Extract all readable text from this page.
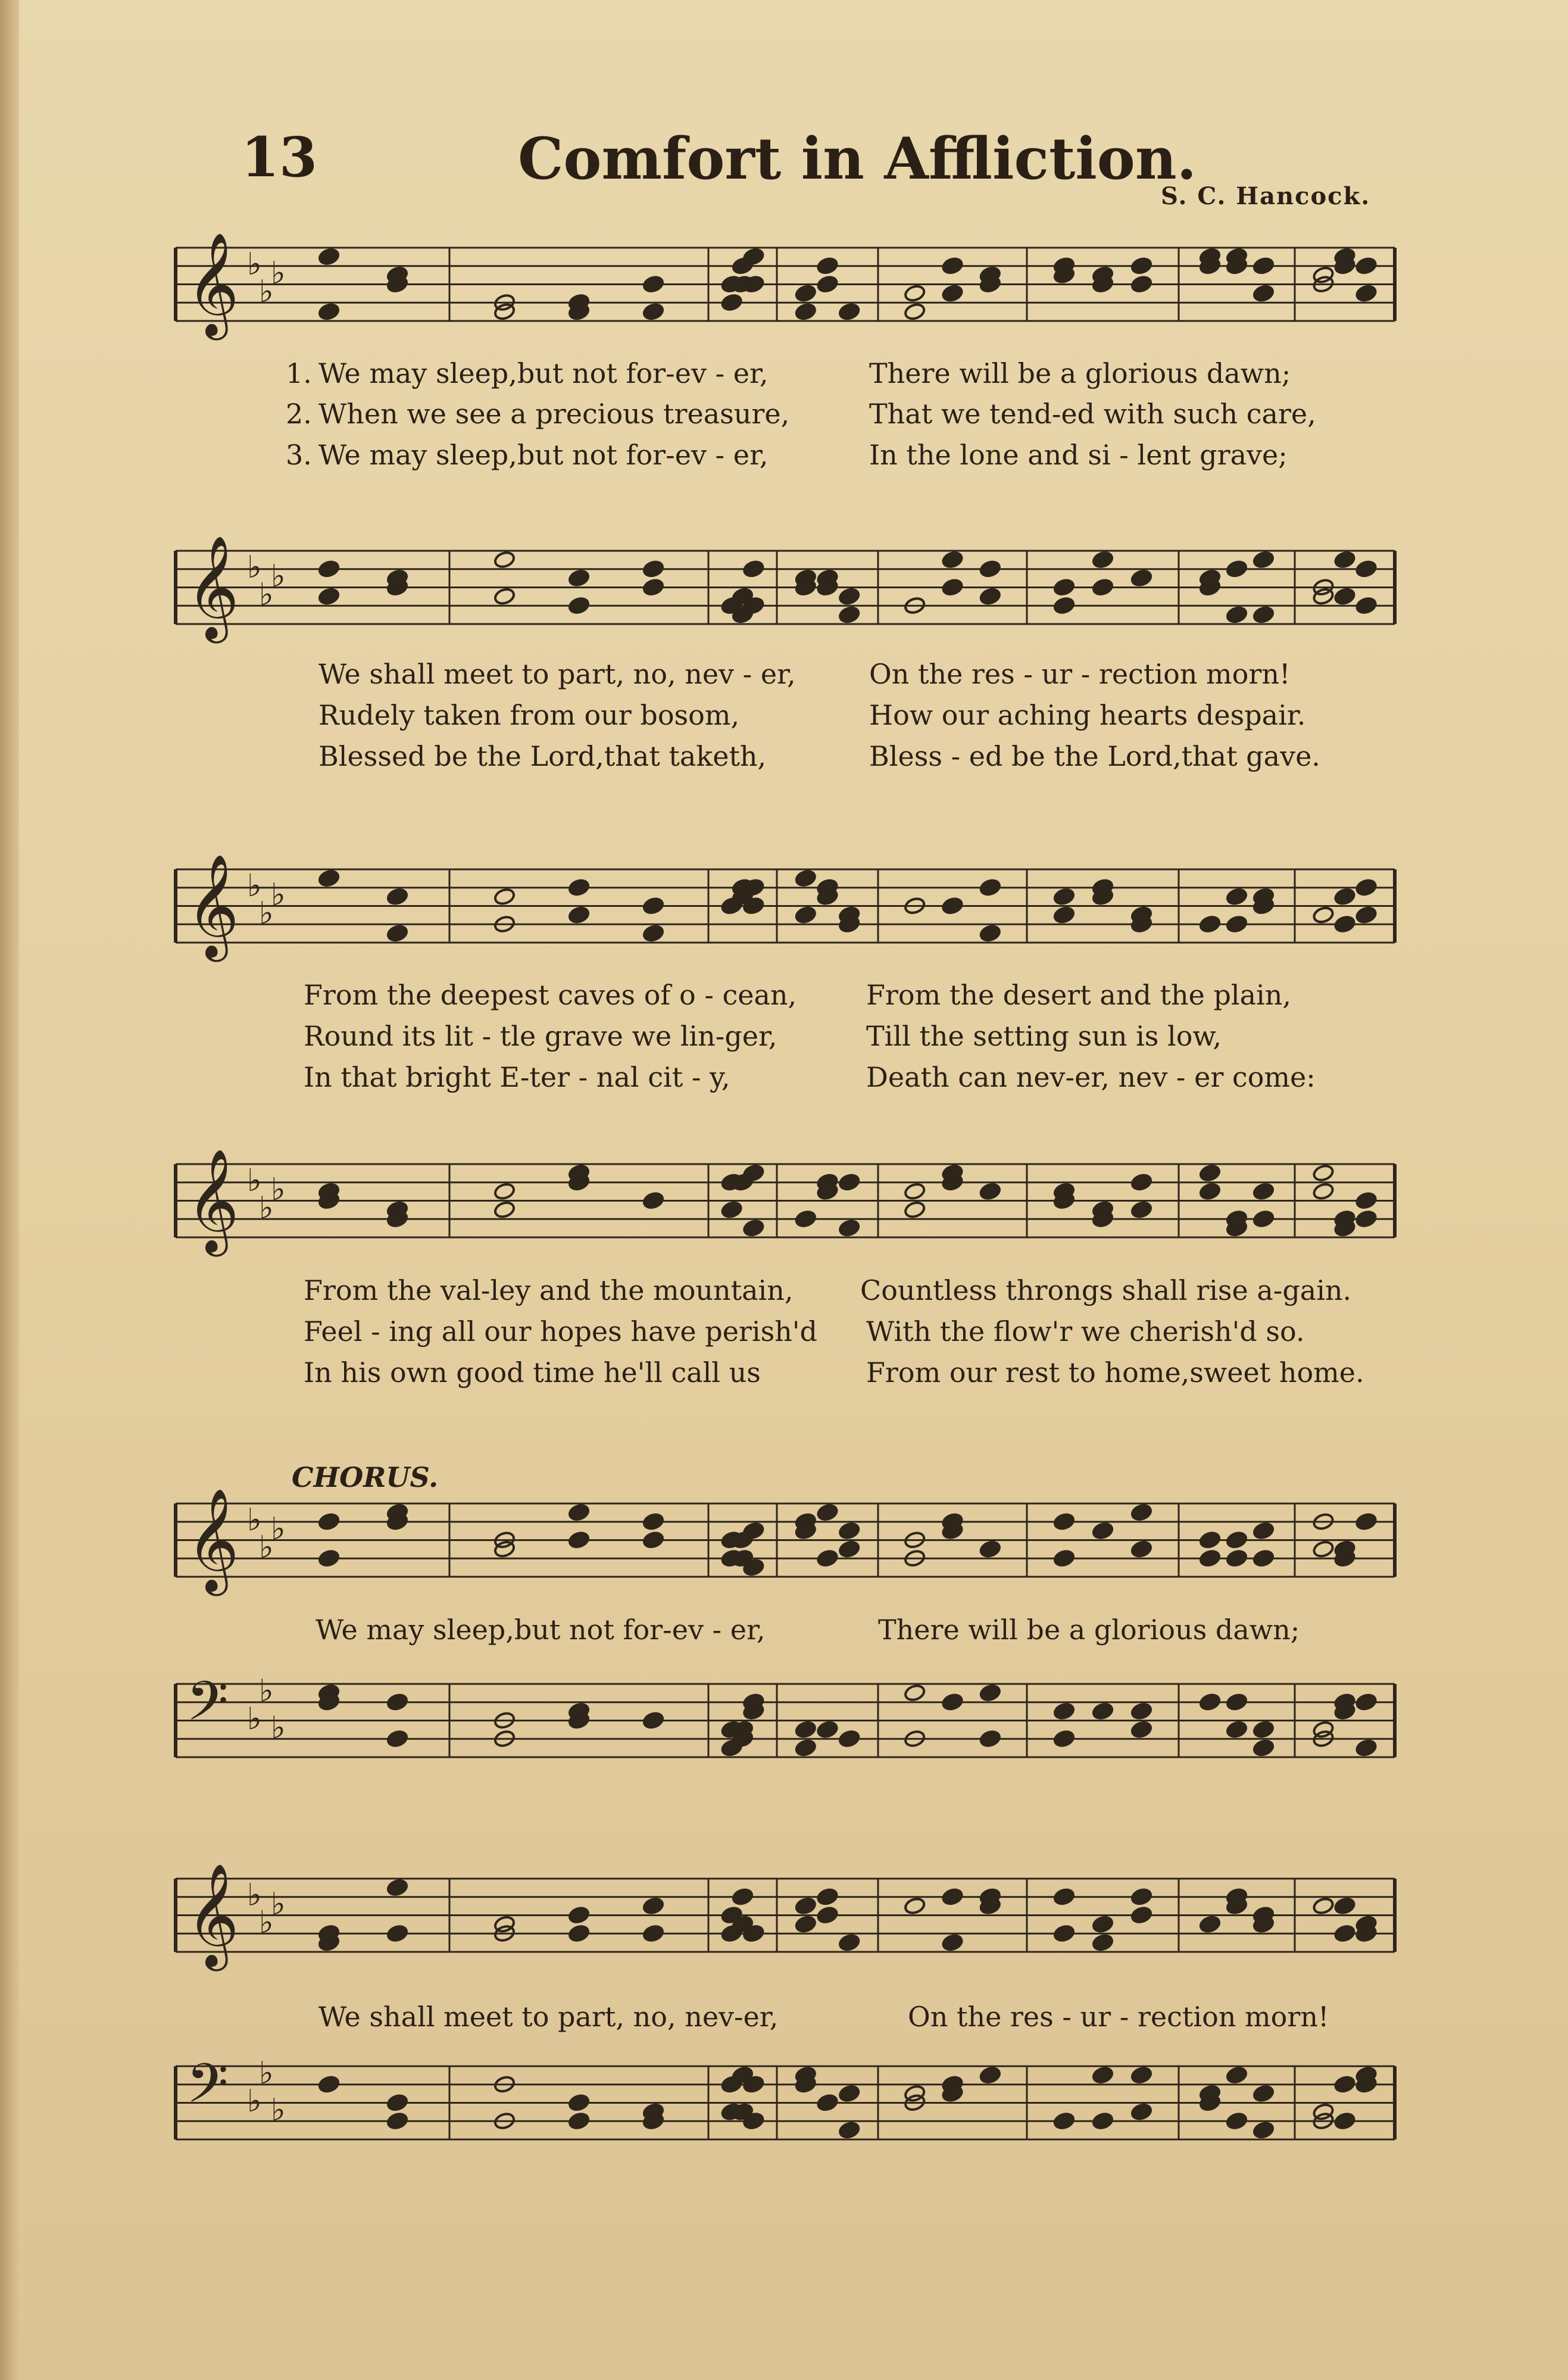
13	Comfort in Affliction.
S. C. Hancock.
𝄞 ♭
♭
♭
1. We may sleep,but not for-ev - er,	There will be a glorious dawn;
2. When we see a precious treasure,	That we tend-ed with such care,
3. We may sleep,but not for-ev - er,	In the lone and si - lent grave;
𝄞 ♭
♭
♭
We shall meet to part, no, nev - er,	On the res - ur - rection morn!
Rudely taken from our bosom,	How our aching hearts despair.
Blessed be the Lord,that taketh,	Bless - ed be the Lord,that gave.
𝄞 ♭
♭
♭
From the deepest caves of o - cean,	From the desert and the plain,
Round its lit - tle grave we lin-ger,	Till the setting sun is low,
In that bright E-ter - nal cit - y,	Death can nev-er, nev - er come:
𝄞 ♭
♭
♭
From the val-ley and the mountain, Countless throngs shall rise a-gain.
Feel - ing all our hopes have perish'd With the flow'r we cherish'd so.
In his own good time he'll call us	From our rest to home,sweet home.
CHORUS.
𝄞 ♭
♭
♭
We may sleep,but not for-ev - er,	There will be a glorious dawn;
𝄢 ♭
♭
♭
𝄞 ♭
♭
♭
We shall meet to part, no, nev-er,	On the res - ur - rection morn!
𝄢 ♭
♭
♭
